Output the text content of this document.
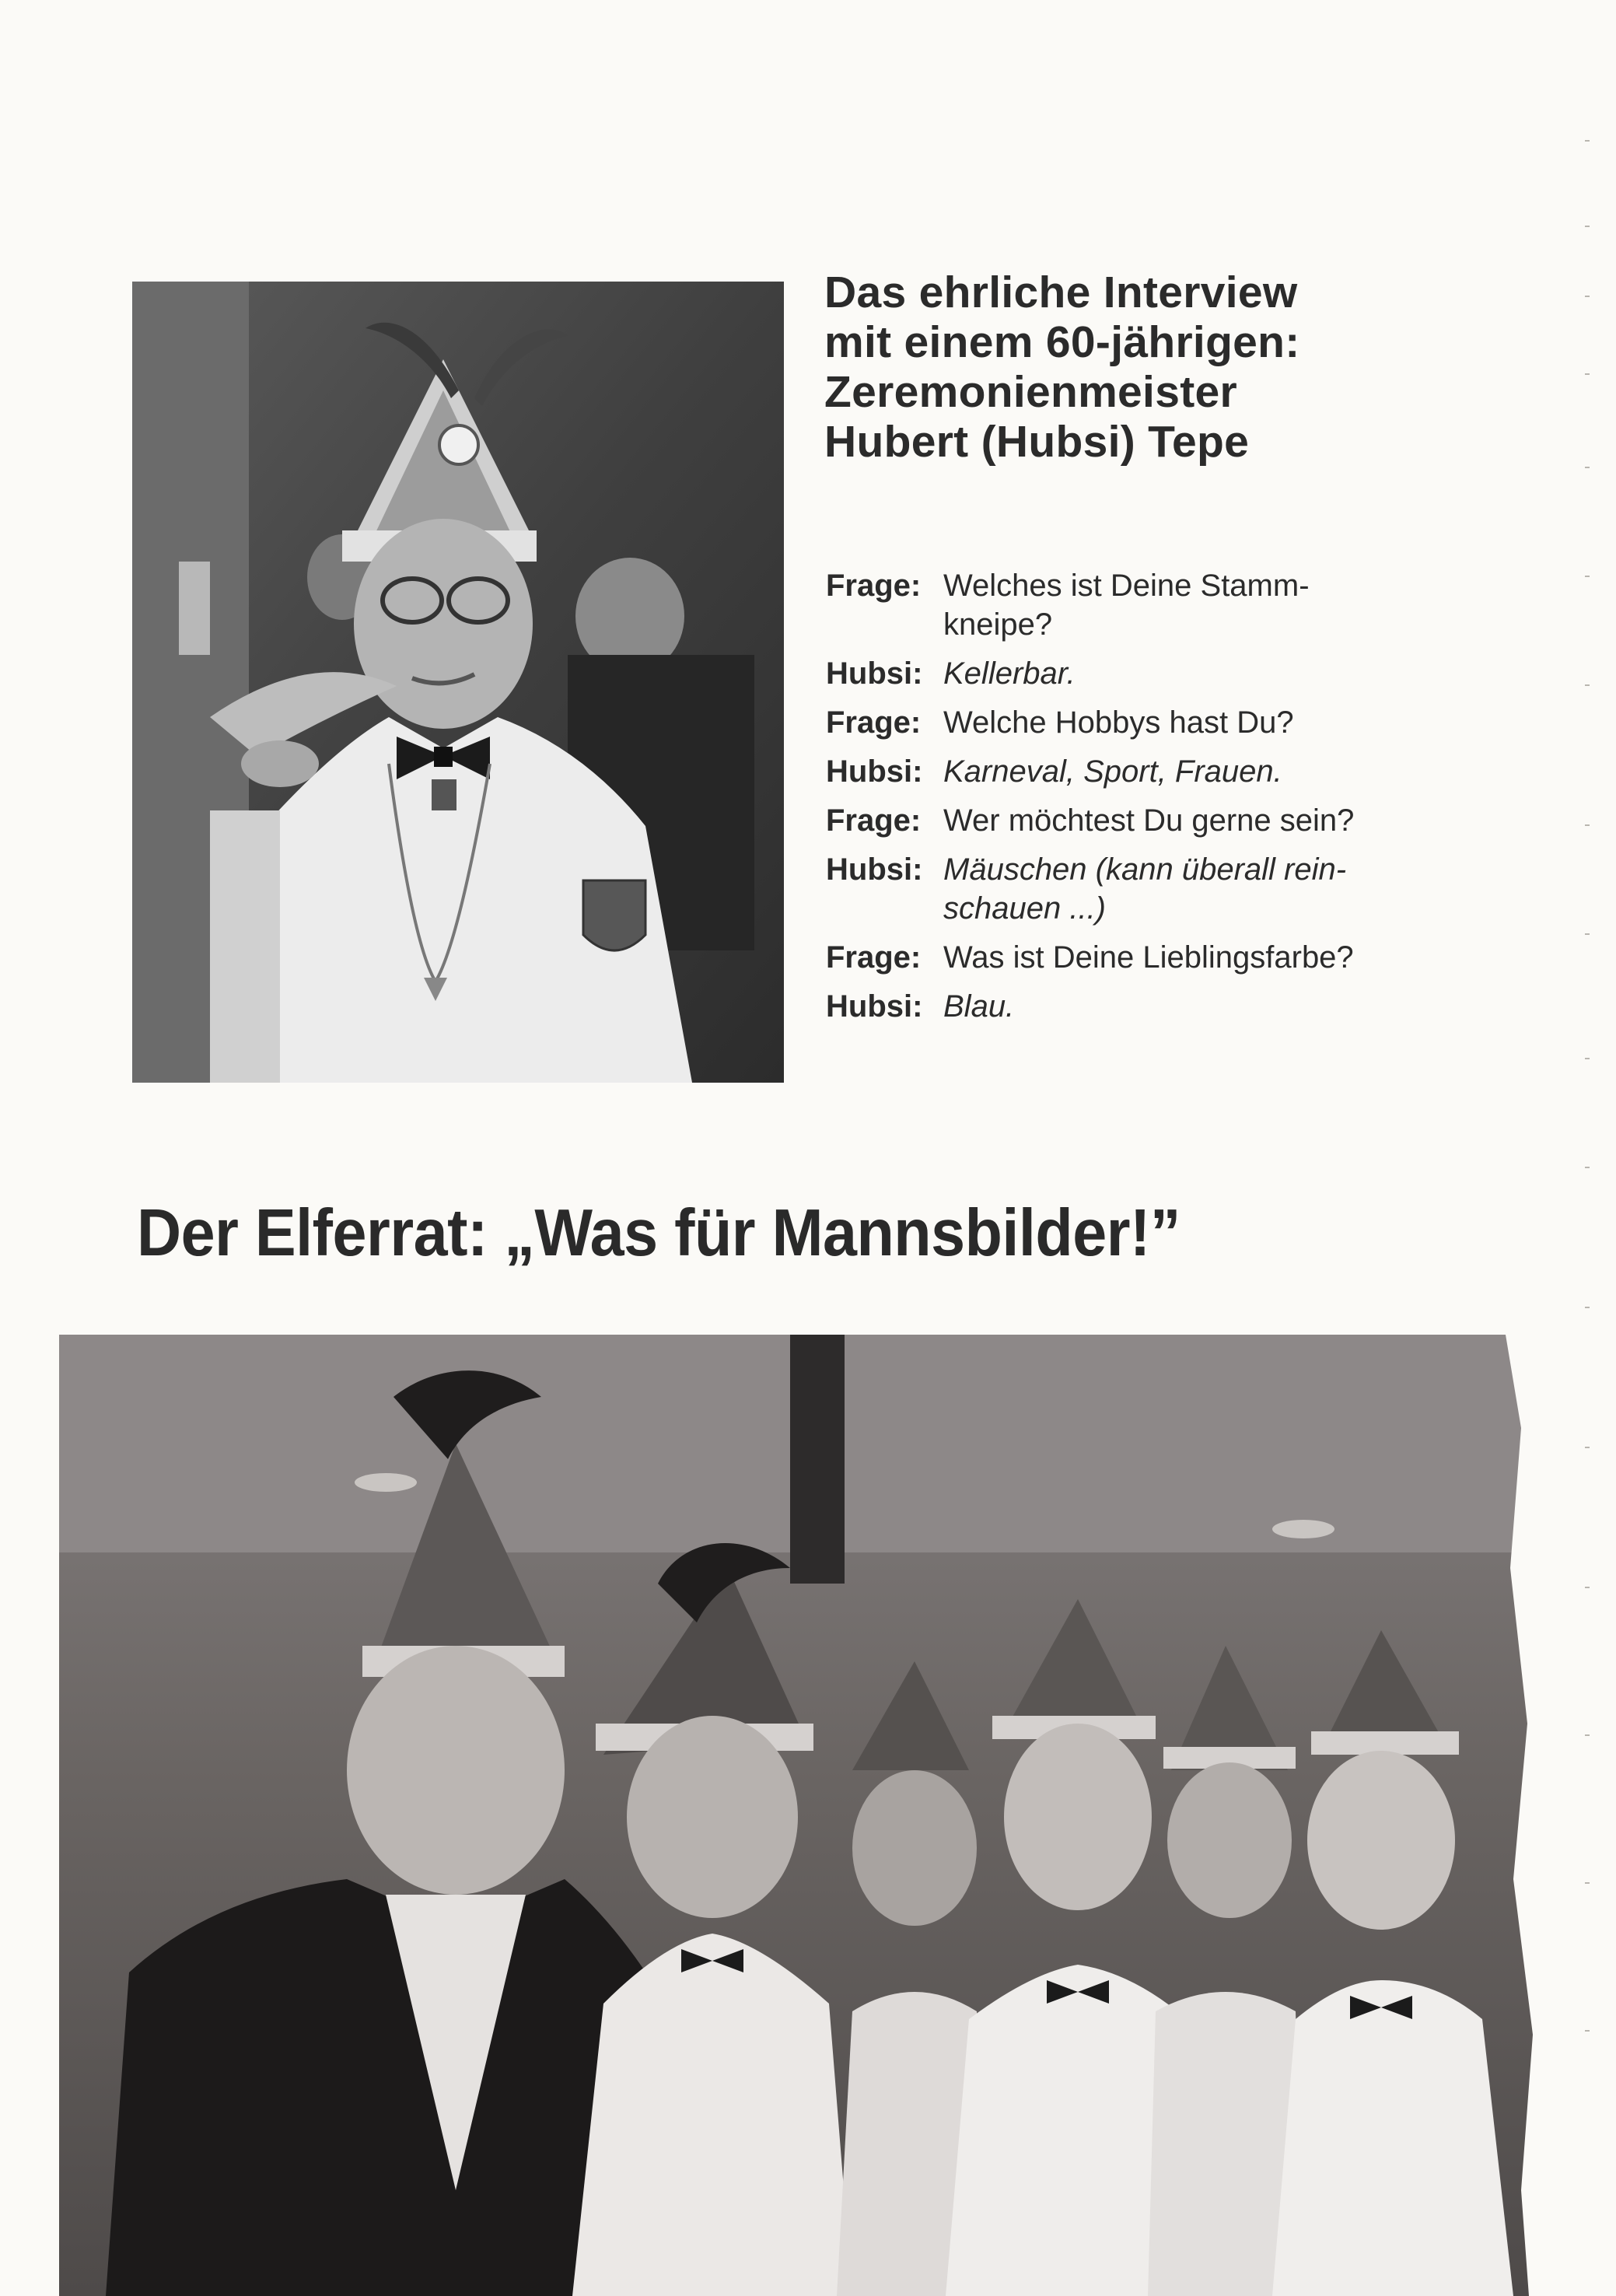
Das ehrliche Interview
mit einem 60-jährigen:
Zeremonienmeister
Hubert (Hubsi) Tepe
Frage: Welches ist Deine Stamm-
kneipe?
Hubsi: Kellerbar.
Frage: Welche Hobbys hast Du?
Hubsi: Karneval, Sport, Frauen.
Frage: Wer möchtest Du gerne sein?
Hubsi: Mäuschen (kann überall rein-
schauen ...)
Frage: Was ist Deine Lieblingsfarbe?
Hubsi: Blau.
Der Elferrat: „Was für Mannsbilder!”
